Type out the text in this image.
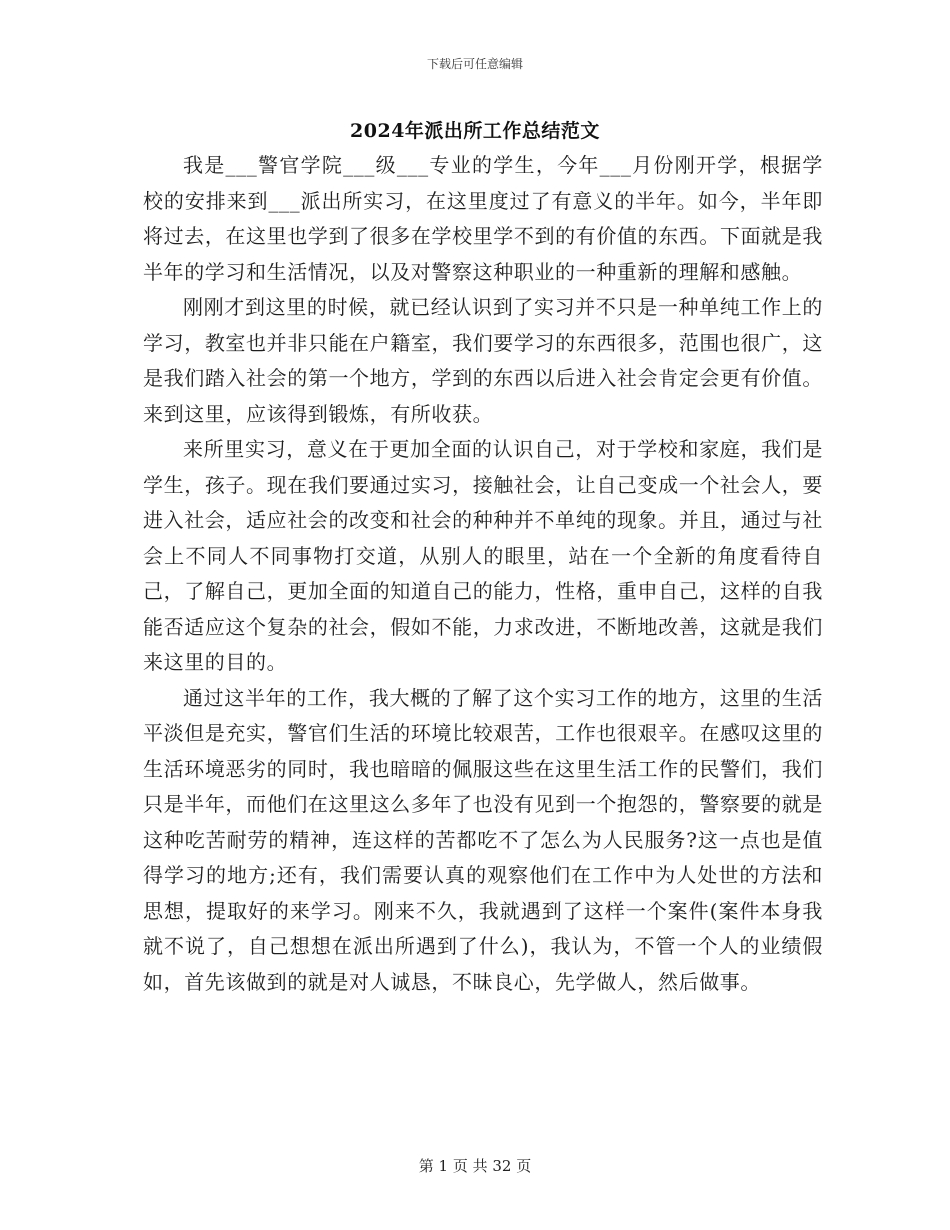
下载后可任意编辑
2024年派出所工作总结范文

我是___警官学院___级___专业的学生，今年___月份刚开学，根据学校的安排来到___派出所实习，在这里度过了有意义的半年。如今，半年即将过去，在这里也学到了很多在学校里学不到的有价值的东西。下面就是我半年的学习和生活情况，以及对警察这种职业的一种重新的理解和感触。

刚刚才到这里的时候，就已经认识到了实习并不只是一种单纯工作上的学习，教室也并非只能在户籍室，我们要学习的东西很多，范围也很广，这是我们踏入社会的第一个地方，学到的东西以后进入社会肯定会更有价值。来到这里，应该得到锻炼，有所收获。

来所里实习，意义在于更加全面的认识自己，对于学校和家庭，我们是学生，孩子。现在我们要通过实习，接触社会，让自己变成一个社会人，要进入社会，适应社会的改变和社会的种种并不单纯的现象。并且，通过与社会上不同人不同事物打交道，从别人的眼里，站在一个全新的角度看待自己，了解自己，更加全面的知道自己的能力，性格，重申自己，这样的自我能否适应这个复杂的社会，假如不能，力求改进，不断地改善，这就是我们来这里的目的。

通过这半年的工作，我大概的了解了这个实习工作的地方，这里的生活平淡但是充实，警官们生活的环境比较艰苦，工作也很艰辛。在感叹这里的生活环境恶劣的同时，我也暗暗的佩服这些在这里生活工作的民警们，我们只是半年，而他们在这里这么多年了也没有见到一个抱怨的，警察要的就是这种吃苦耐劳的精神，连这样的苦都吃不了怎么为人民服务?这一点也是值得学习的地方;还有，我们需要认真的观察他们在工作中为人处世的方法和思想，提取好的来学习。刚来不久，我就遇到了这样一个案件(案件本身我就不说了，自己想想在派出所遇到了什么)，我认为，不管一个人的业绩假如，首先该做到的就是对人诚恳，不昧良心，先学做人，然后做事。

第 1 页 共 32 页
